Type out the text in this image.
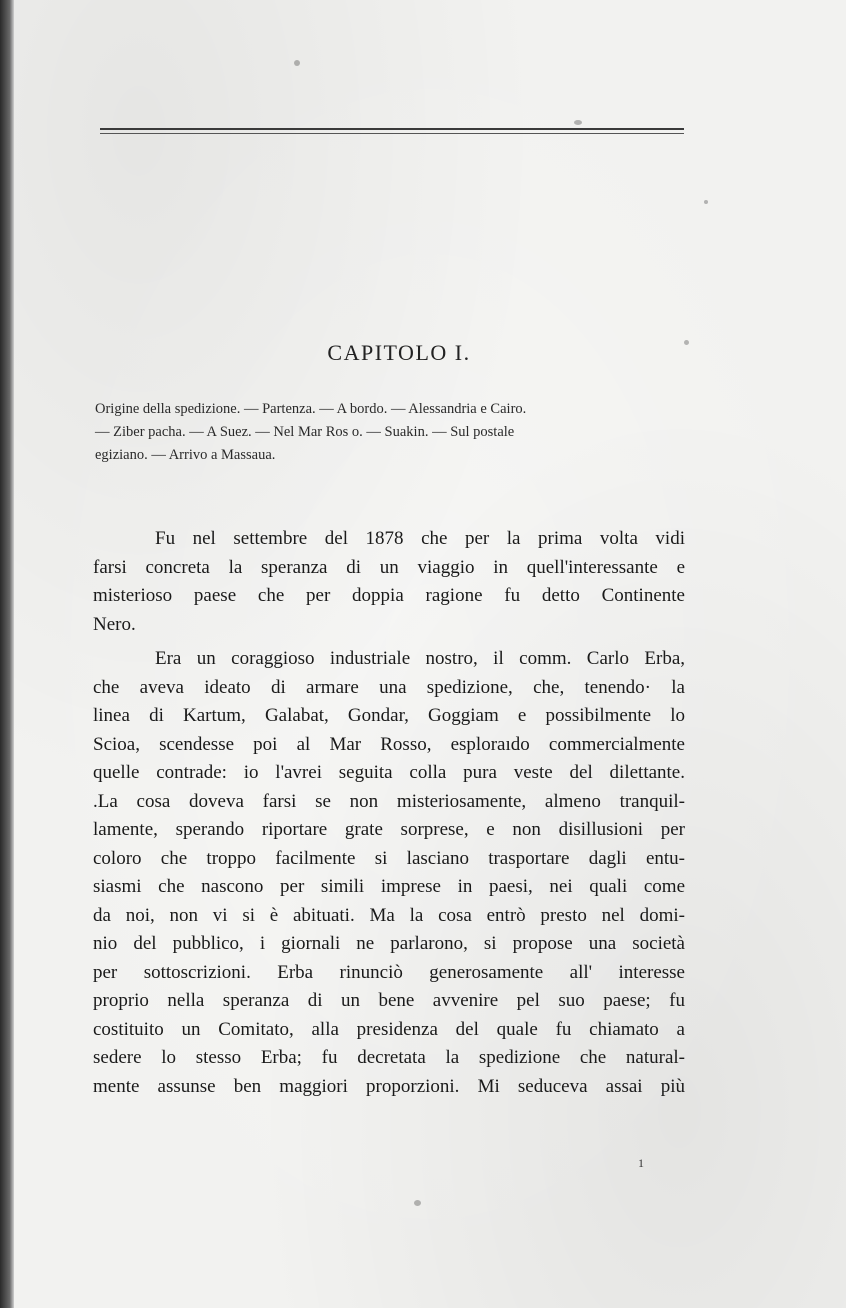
CAPITOLO I.
Origine della spedizione. — Partenza. — A bordo. — Alessandria e Cairo.
— Ziber pacha. — A Suez. — Nel Mar Ros o. — Suakin. — Sul postale
egiziano. — Arrivo a Massaua.
Fu nel settembre del 1878 che per la prima volta vidi
farsi concreta la speranza di un viaggio in quell'interessante e
misterioso paese che per doppia ragione fu detto Continente
Nero.
Era un coraggioso industriale nostro, il comm. Carlo Erba,
che aveva ideato di armare una spedizione, che, tenendo· la
linea di Kartum, Galabat, Gondar, Goggiam e possibilmente lo
Scioa, scendesse poi al Mar Rosso, esploraıdo commercialmente
quelle contrade: io l'avrei seguita colla pura veste del dilettante.
.La cosa doveva farsi se non misteriosamente, almeno tranquil-
lamente, sperando riportare grate sorprese, e non disillusioni per
coloro che troppo facilmente si lasciano trasportare dagli entu-
siasmi che nascono per simili imprese in paesi, nei quali come
da noi, non vi si è abituati. Ma la cosa entrò presto nel domi-
nio del pubblico, i giornali ne parlarono, si propose una società
per sottoscrizioni. Erba rinunciò generosamente all' interesse
proprio nella speranza di un bene avvenire pel suo paese; fu
costituito un Comitato, alla presidenza del quale fu chiamato a
sedere lo stesso Erba; fu decretata la spedizione che natural-
mente assunse ben maggiori proporzioni. Mi seduceva assai più
1
